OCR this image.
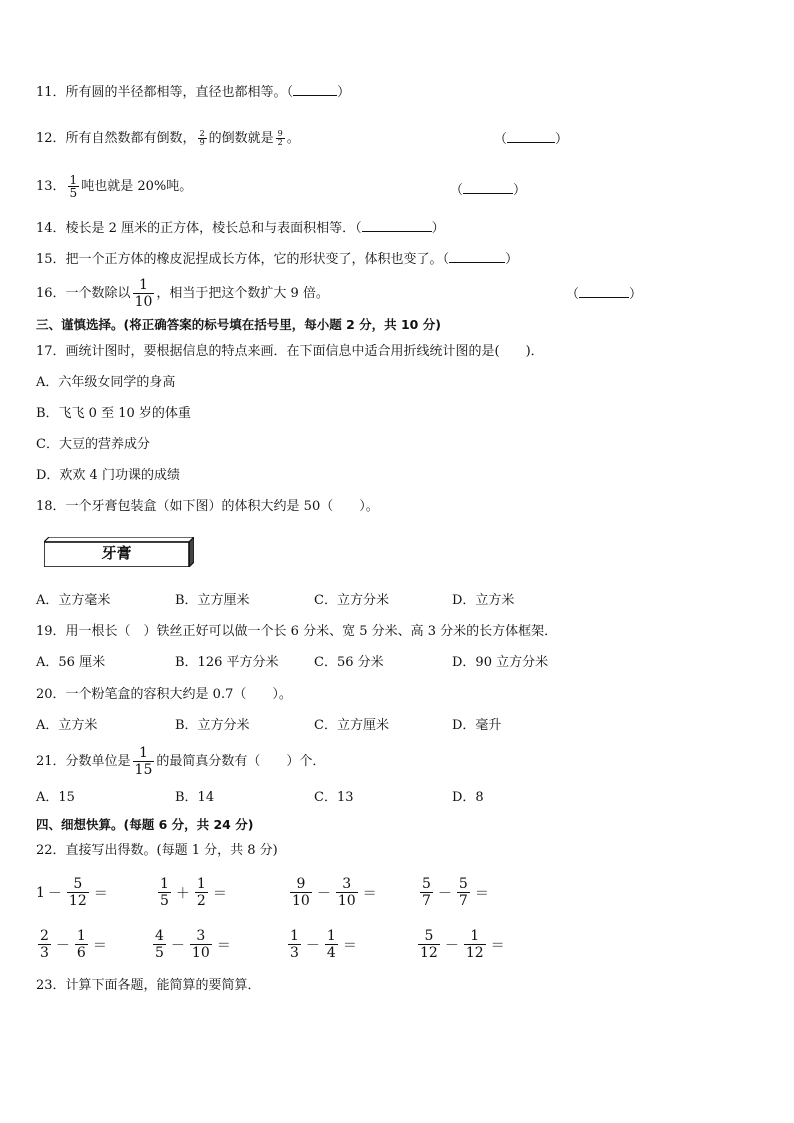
11．所有圆的半径都相等，直径也都相等。（	）
12．所有自然数都有倒数， $\frac{2}{9}$ 的倒数就是 $\frac{9}{2}$ 。	（	）
13． $\frac{1}{5}$ 吨也就是 20%吨。	（	）
14．棱长是 2 厘米的正方体，棱长总和与表面积相等．（	）
15．把一个正方体的橡皮泥捏成长方体，它的形状变了，体积也变了。（	）
16．一个数除以 $\frac{1}{10}$ ，相当于把这个数扩大 9 倍。	（	）
三、谨慎选择。(将正确答案的标号填在括号里，每小题 2 分，共 10 分)
17．画统计图时，要根据信息的特点来画．在下面信息中适合用折线统计图的是(　　)．
A．六年级女同学的身高
B．飞飞 0 至 10 岁的体重
C．大豆的营养成分
D．欢欢 4 门功课的成绩
18．一个牙膏包装盒（如下图）的体积大约是 50（　　）。
牙膏
A．立方毫米	B．立方厘米	C．立方分米	D．立方米
19．用一根长（　）铁丝正好可以做一个长 6 分米、宽 5 分米、高 3 分米的长方体框架．
A．56 厘米	B．126 平方分米	C．56 分米	D．90 立方分米
20．一个粉笔盒的容积大约是 0.7（　　）。
A．立方米	B．立方分米	C．立方厘米	D．毫升
21．分数单位是 $\frac{1}{15}$ 的最简真分数有（　　）个．
A．15	B．14	C．13	D．8
四、细想快算。(每题 6 分，共 24 分)
22．直接写出得数。(每题 1 分，共 8 分)
$1 - \frac{5}{12}$ ＝	$\frac{1}{5} + \frac{1}{2}$ ＝	$\frac{9}{10} - \frac{3}{10}$ ＝	$\frac{5}{7} - \frac{5}{7}$ ＝
$\frac{2}{3} - \frac{1}{6}$ ＝	$\frac{4}{5} - \frac{3}{10}$ ＝	$\frac{1}{3} - \frac{1}{4}$ ＝	$\frac{5}{12} - \frac{1}{12}$ ＝
23．计算下面各题，能简算的要简算．
